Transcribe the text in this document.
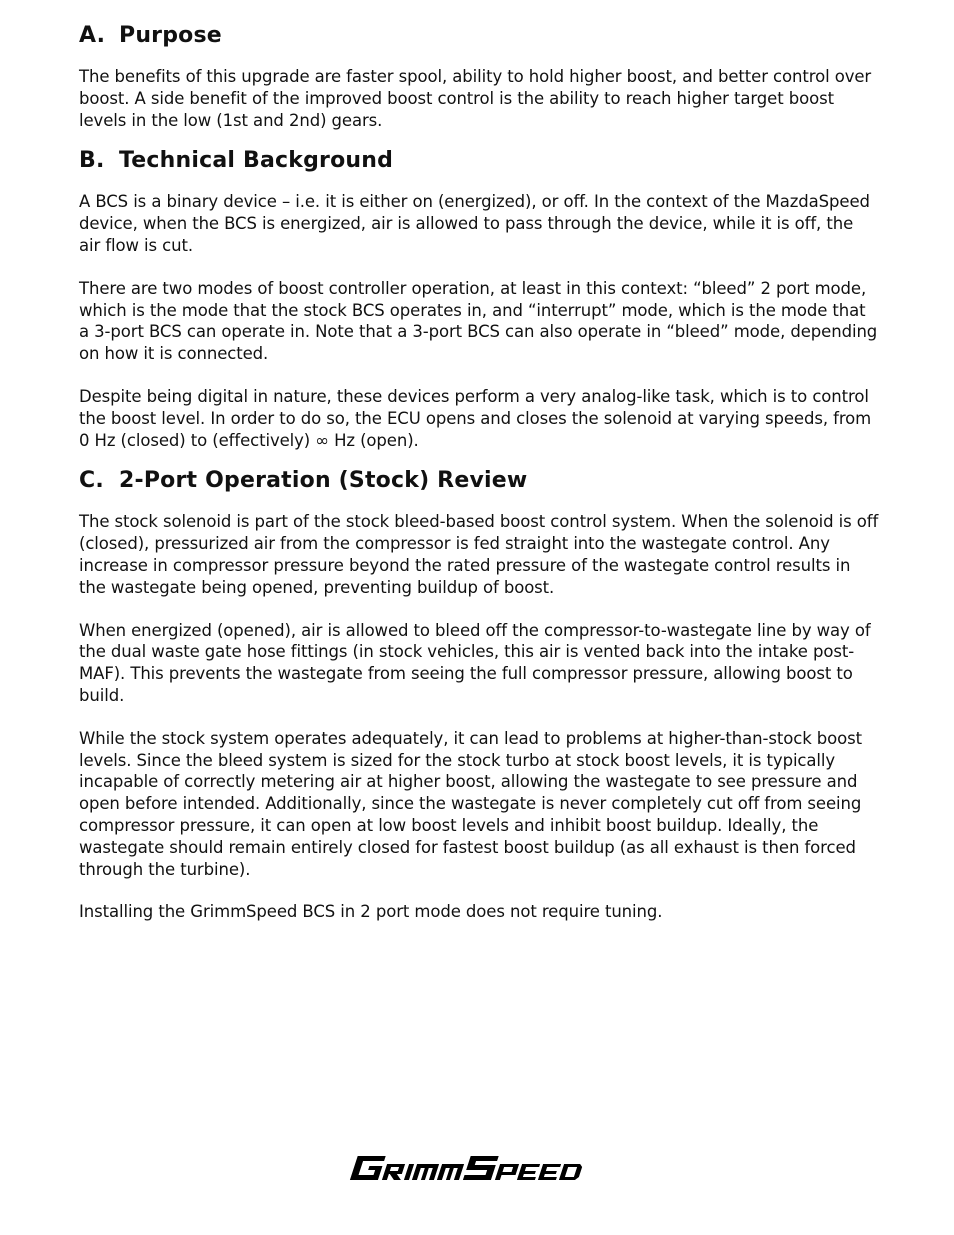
A. Purpose

The benefits of this upgrade are faster spool, ability to hold higher boost, and better control over boost. A side benefit of the improved boost control is the ability to reach higher target boost levels in the low (1st and 2nd) gears.

B. Technical Background

A BCS is a binary device – i.e. it is either on (energized), or off. In the context of the MazdaSpeed device, when the BCS is energized, air is allowed to pass through the device, while it is off, the air flow is cut.

There are two modes of boost controller operation, at least in this context: “bleed” 2 port mode, which is the mode that the stock BCS operates in, and “interrupt” mode, which is the mode that a 3-port BCS can operate in. Note that a 3-port BCS can also operate in “bleed” mode, depending on how it is connected.

Despite being digital in nature, these devices perform a very analog-like task, which is to control the boost level. In order to do so, the ECU opens and closes the solenoid at varying speeds, from 0 Hz (closed) to (effectively) ∞ Hz (open).

C. 2-Port Operation (Stock) Review

The stock solenoid is part of the stock bleed-based boost control system. When the solenoid is off (closed), pressurized air from the compressor is fed straight into the wastegate control. Any increase in compressor pressure beyond the rated pressure of the wastegate control results in the wastegate being opened, preventing buildup of boost.

When energized (opened), air is allowed to bleed off the compressor-to-wastegate line by way of the dual waste gate hose fittings (in stock vehicles, this air is vented back into the intake post-MAF). This prevents the wastegate from seeing the full compressor pressure, allowing boost to build.

While the stock system operates adequately, it can lead to problems at higher-than-stock boost levels. Since the bleed system is sized for the stock turbo at stock boost levels, it is typically incapable of correctly metering air at higher boost, allowing the wastegate to see pressure and open before intended. Additionally, since the wastegate is never completely cut off from seeing compressor pressure, it can open at low boost levels and inhibit boost buildup. Ideally, the wastegate should remain entirely closed for fastest boost buildup (as all exhaust is then forced through the turbine).

Installing the GrimmSpeed BCS in 2 port mode does not require tuning.
